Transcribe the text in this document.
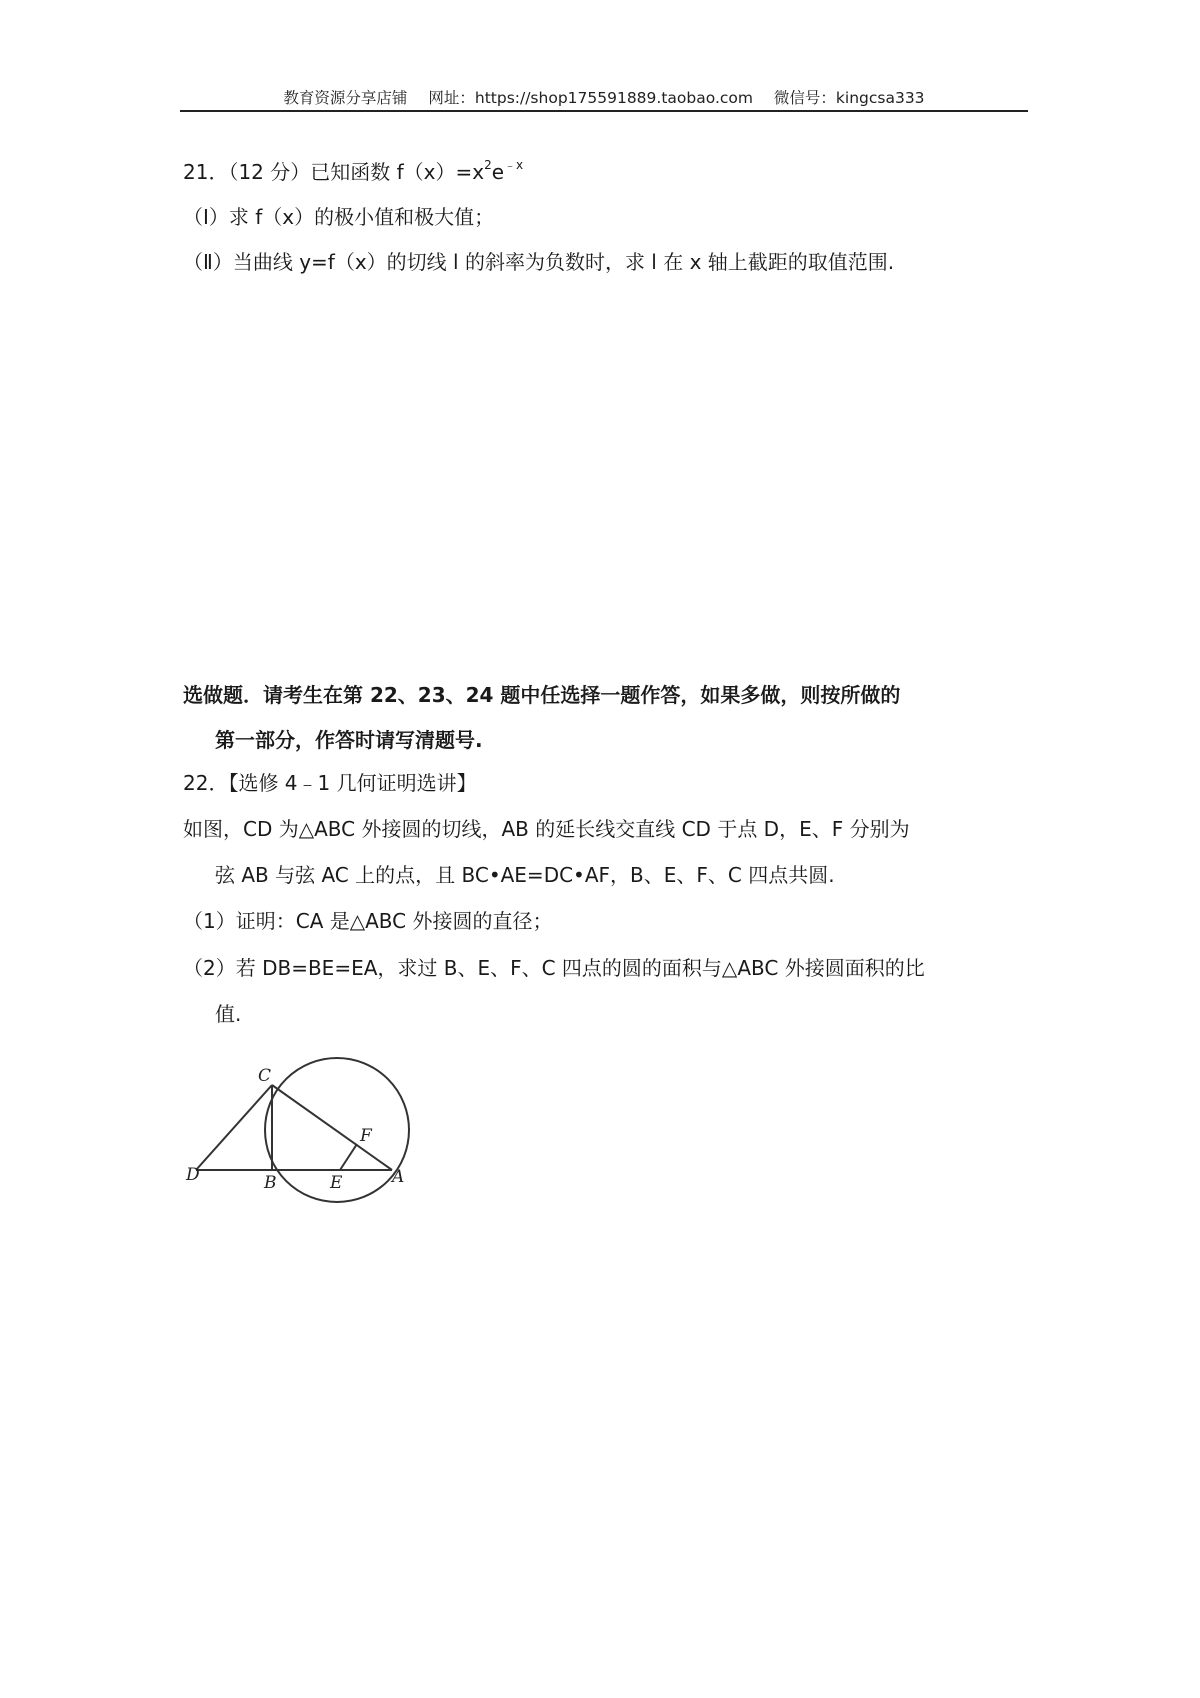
教育资源分享店铺 网址：https://shop175591889.taobao.com 微信号：kingcsa333
21．（12 分）已知函数 $f(x)=x^2e^{﹣x}$
（Ⅰ）求 f（x）的极小值和极大值；
（Ⅱ）当曲线 y=f（x）的切线 l 的斜率为负数时，求 l 在 x 轴上截距的取值范围.
选做题．请考生在第 22、23、24 题中任选择一题作答，如果多做，则按所做的
第一部分，作答时请写清题号.
22．【选修 4﹣1 几何证明选讲】
如图，CD 为△ABC 外接圆的切线，AB 的延长线交直线 CD 于点 D，E、F 分别为
弦 AB 与弦 AC 上的点，且 BC•AE=DC•AF，B、E、F、C 四点共圆.
（1）证明：CA 是△ABC 外接圆的直径；
（2）若 DB=BE=EA，求过 B、E、F、C 四点的圆的面积与△ABC 外接圆面积的比
值.
C
D	B	E
F
A
